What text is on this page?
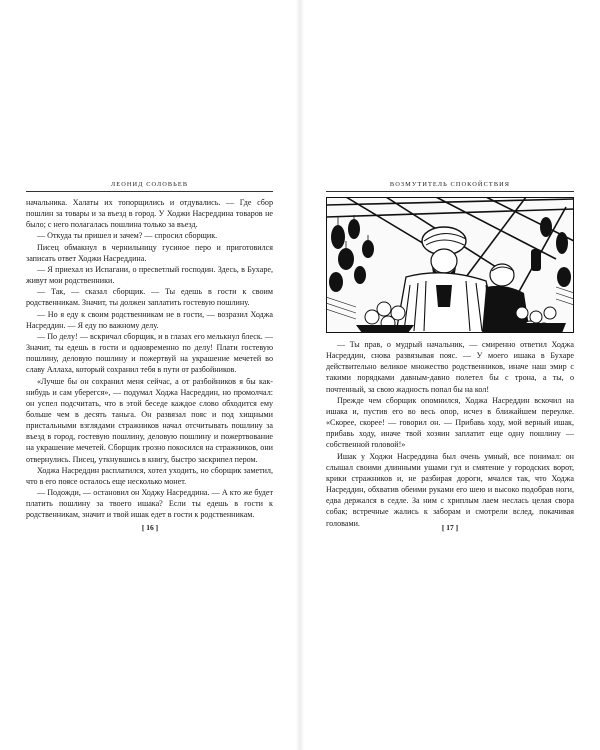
ЛЕОНИД СОЛОВЬЕВ

начальника. Халаты их топорщились и отдувались. — Где сбор пошлин за товары и за въезд в город. У Ходжи Насреддина товаров не было; с него полагалась пошлина только за въезд.

— Откуда ты пришел и зачем? — спросил сборщик.

Писец обмакнул в чернильницу гусиное перо и приготовился записать ответ Ходжи Насреддина.

— Я приехал из Испагани, о пресветлый господин. Здесь, в Бухаре, живут мои родственники.

— Так, — сказал сборщик. — Ты едешь в гости к своим родственникам. Значит, ты должен заплатить гостевую пошлину.

— Но я еду к своим родственникам не в гости, — возразил Ходжа Насреддин. — Я еду по важному делу.

— По делу! — вскричал сборщик, и в глазах его мелькнул блеск. — Значит, ты едешь в гости и одновременно по делу! Плати гостевую пошлину, деловую пошлину и пожертвуй на украшение мечетей во славу Аллаха, который сохранил тебя в пути от разбойников.

«Лучше бы он сохранил меня сейчас, а от разбойников я бы как-нибудь и сам уберегся», — подумал Ходжа Насреддин, но промолчал: он успел подсчитать, что в этой беседе каждое слово обходится ему больше чем в десять таньга. Он развязал пояс и под хищными пристальными взглядами стражников начал отсчитывать пошлину за въезд в город, гостевую пошлину, деловую пошлину и пожертвование на украшение мечетей. Сборщик грозно покосился на стражников, они отвернулись. Писец, уткнувшись в книгу, быстро заскрипел пером.

Ходжа Насреддин расплатился, хотел уходить, но сборщик заметил, что в его поясе осталось еще несколько монет.

— Подожди, — остановил он Ходжу Насреддина. — А кто же будет платить пошлину за твоего ишака? Если ты едешь в гости к родственникам, значит и твой ишак едет в гости к родственникам.

[ 16 ]
ВОЗМУТИТЕЛЬ СПОКОЙСТВИЯ

— Ты прав, о мудрый начальник, — смиренно ответил Ходжа Насреддин, снова развязывая пояс. — У моего ишака в Бухаре действительно великое множество родственников, иначе наш эмир с такими порядками давным-давно полетел бы с трона, а ты, о почтенный, за свою жадность попал бы на кол!

Прежде чем сборщик опомнился, Ходжа Насреддин вскочил на ишака и, пустив его во весь опор, исчез в ближайшем переулке. «Скорее, скорее! — говорил он. — Прибавь ходу, мой верный ишак, прибавь ходу, иначе твой хозяин заплатит еще одну пошлину — собственной головой!»

Ишак у Ходжи Насреддина был очень умный, все понимал: он слышал своими длинными ушами гул и смятение у городских ворот, крики стражников и, не разбирая дороги, мчался так, что Ходжа Насреддин, обхватив обеими руками его шею и высоко подобрав ноги, едва держался в седле. За ним с хриплым лаем неслась целая свора собак; встречные жались к заборам и смотрели вслед, покачивая головами.	[ 17 ]
